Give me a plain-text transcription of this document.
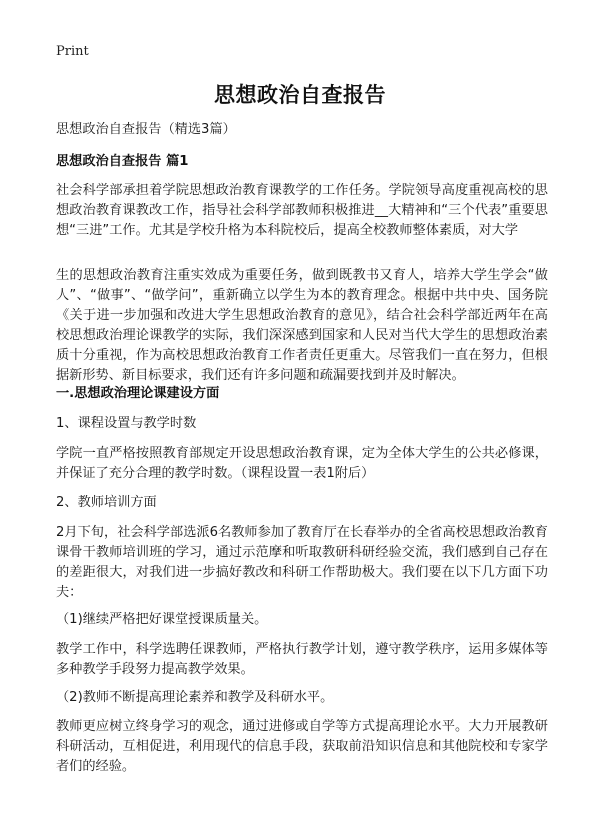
Print
思想政治自查报告

思想政治自查报告（精选3篇）

思想政治自查报告 篇1

社会科学部承担着学院思想政治教育课教学的工作任务。学院领导高度重视高校的思想政治教育课教改工作，指导社会科学部教师积极推进__大精神和“三个代表”重要思想“三进”工作。尤其是学校升格为本科院校后，提高全校教师整体素质，对大学

生的思想政治教育注重实效成为重要任务，做到既教书又育人，培养大学生学会“做人”、“做事”、“做学问”，重新确立以学生为本的教育理念。根据中共中央、国务院《关于进一步加强和改进大学生思想政治教育的意见》，结合社会科学部近两年在高校思想政治理论课教学的实际，我们深深感到国家和人民对当代大学生的思想政治素质十分重视，作为高校思想政治教育工作者责任更重大。尽管我们一直在努力，但根据新形势、新目标要求，我们还有许多问题和疏漏要找到并及时解决。

一.思想政治理论课建设方面

1、课程设置与教学时数

学院一直严格按照教育部规定开设思想政治教育课，定为全体大学生的公共必修课，并保证了充分合理的教学时数。（课程设置一表1附后）

2、教师培训方面

2月下旬，社会科学部选派6名教师参加了教育厅在长春举办的全省高校思想政治教育课骨干教师培训班的学习，通过示范摩和听取教研科研经验交流，我们感到自己存在的差距很大，对我们进一步搞好教改和科研工作帮助极大。我们要在以下几方面下功夫：

（1)继续严格把好课堂授课质量关。

教学工作中，科学选聘任课教师，严格执行教学计划，遵守教学秩序，运用多媒体等多种教学手段努力提高教学效果。

（2)教师不断提高理论素养和教学及科研水平。

教师更应树立终身学习的观念，通过进修或自学等方式提高理论水平。大力开展教研科研活动，互相促进，利用现代的信息手段，获取前沿知识信息和其他院校和专家学者们的经验。
